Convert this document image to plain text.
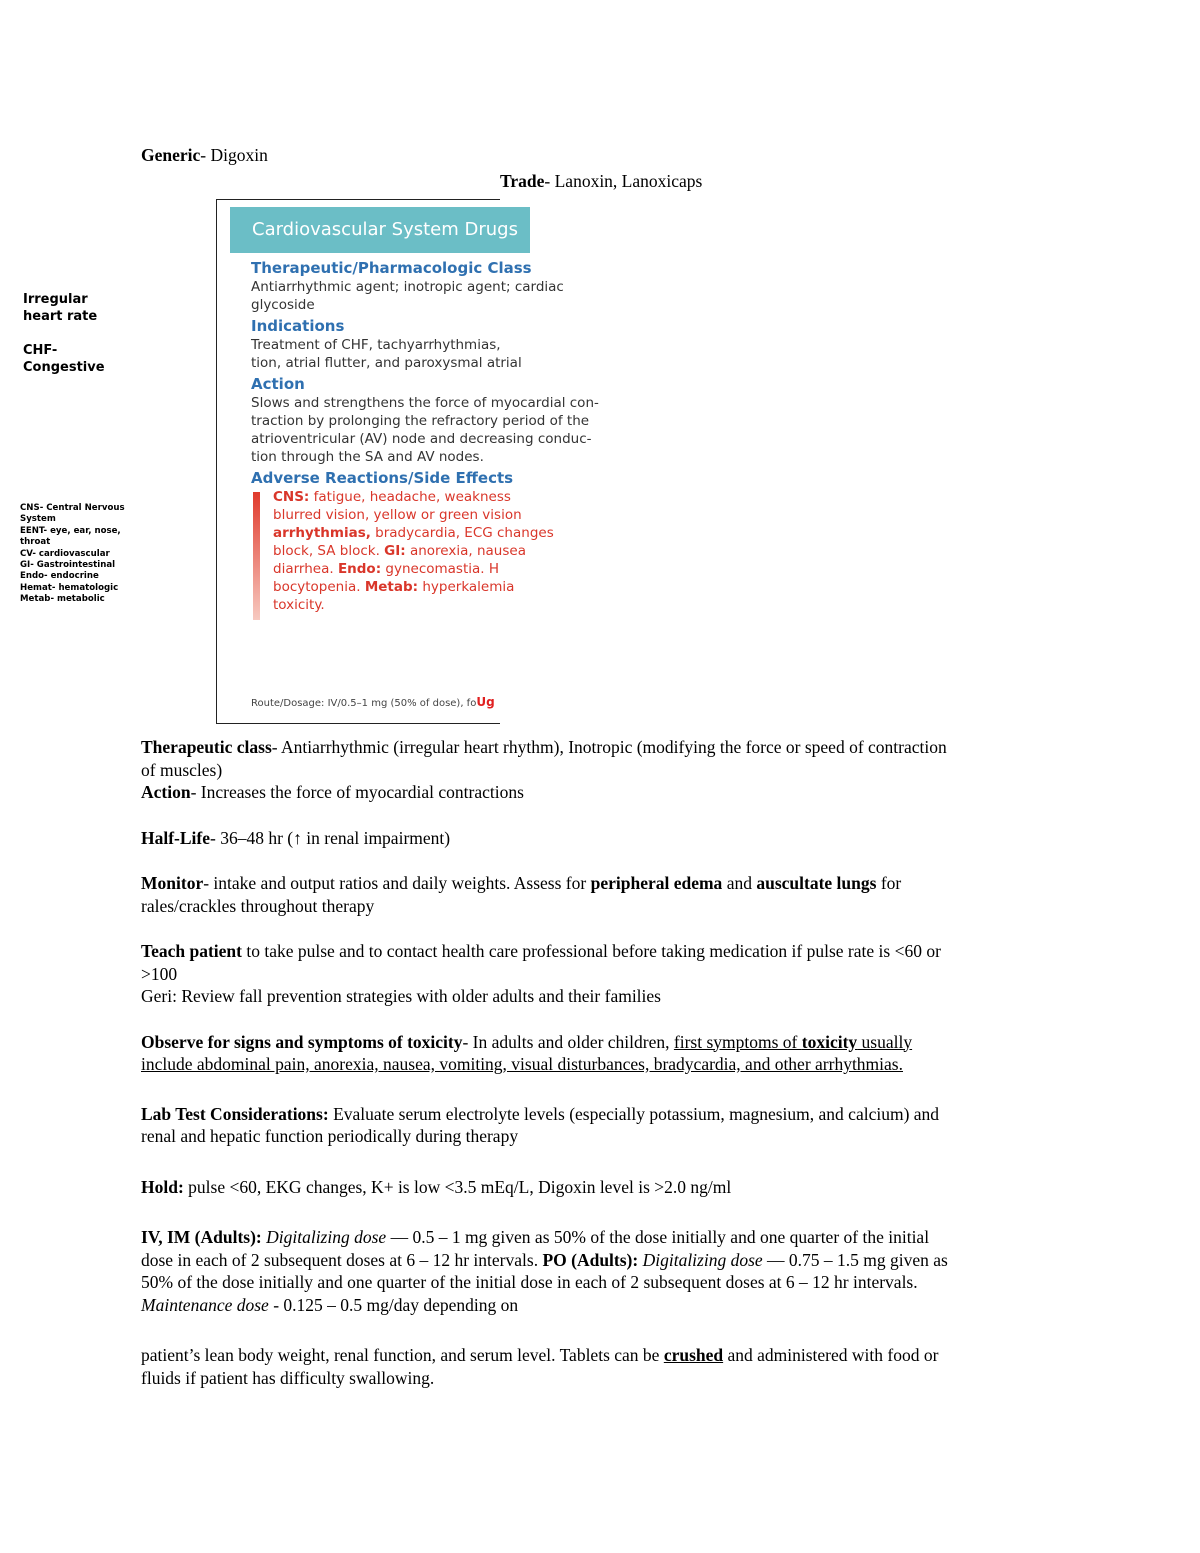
Generic- Digoxin
Trade- Lanoxin, Lanoxicaps
Irregular heart rate
CHF- Congestive
CNS- Central Nervous System
EENT- eye, ear, nose, throat
CV- cardiovascular
GI- Gastrointestinal
Endo- endocrine
Hemat- hematologic
Metab- metabolic
Cardiovascular System Drugs
Therapeutic/Pharmacologic Class
Antiarrhythmic agent; inotropic agent; cardiac
glycoside
Indications
Treatment of CHF, tachyarrhythmias,
tion, atrial flutter, and paroxysmal atrial
Action
Slows and strengthens the force of myocardial con-
traction by prolonging the refractory period of the
atrioventricular (AV) node and decreasing conduc-
tion through the SA and AV nodes.
Adverse Reactions/Side Effects
CNS: fatigue, headache, weakness
blurred vision, yellow or green vision
arrhythmias, bradycardia, ECG changes
block, SA block. GI: anorexia, nausea
diarrhea. Endo: gynecomastia. H
bocytopenia. Metab: hyperkalemia
toxicity.
Route/Dosage: IV/0.5–1 mg (50% of dose), foUg
Therapeutic class- Antiarrhythmic (irregular heart rhythm), Inotropic (modifying the force or speed of contraction
of muscles)
Action- Increases the force of myocardial contractions
Half-Life- 36–48 hr (↑ in renal impairment)
Monitor- intake and output ratios and daily weights. Assess for peripheral edema and auscultate lungs for
rales/crackles throughout therapy
Teach patient to take pulse and to contact health care professional before taking medication if pulse rate is <60 or
>100
Geri: Review fall prevention strategies with older adults and their families
Observe for signs and symptoms of toxicity- In adults and older children, first symptoms of toxicity usually
include abdominal pain, anorexia, nausea, vomiting, visual disturbances, bradycardia, and other arrhythmias.
Lab Test Considerations: Evaluate serum electrolyte levels (especially potassium, magnesium, and calcium) and
renal and hepatic function periodically during therapy
Hold: pulse <60, EKG changes, K+ is low <3.5 mEq/L, Digoxin level is >2.0 ng/ml
IV, IM (Adults): Digitalizing dose — 0.5 – 1 mg given as 50% of the dose initially and one quarter of the initial
dose in each of 2 subsequent doses at 6 – 12 hr intervals. PO (Adults): Digitalizing dose — 0.75 – 1.5 mg given as
50% of the dose initially and one quarter of the initial dose in each of 2 subsequent doses at 6 – 12 hr intervals.
Maintenance dose - 0.125 – 0.5 mg/day depending on
patient’s lean body weight, renal function, and serum level. Tablets can be crushed and administered with food or
fluids if patient has difficulty swallowing.
